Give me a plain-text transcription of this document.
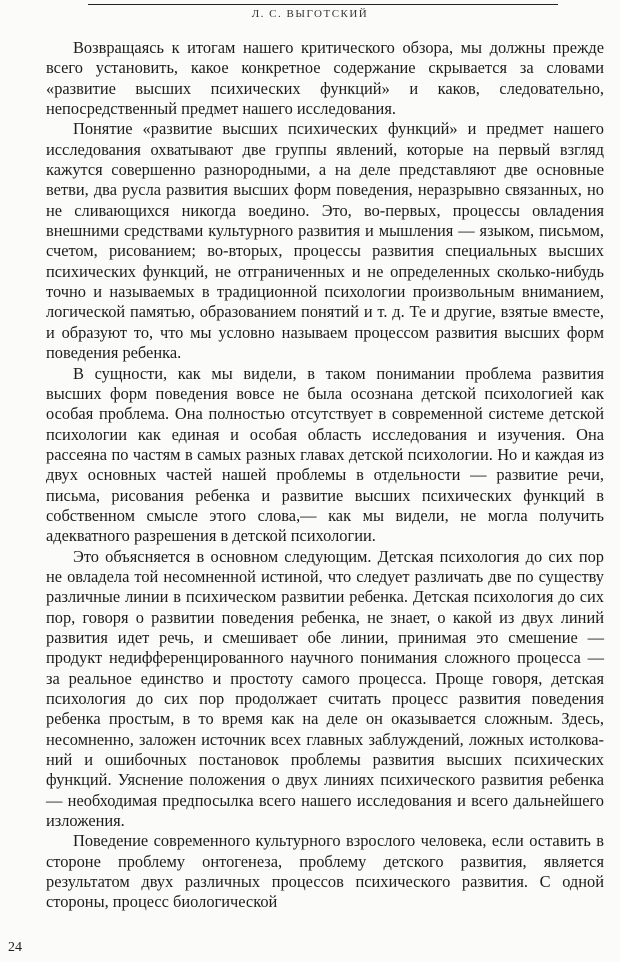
Л. С. ВЫГОТСКИЙ

Возвращаясь к итогам нашего критического обзора, мы должны прежде всего установить, какое конкретное содержание скрывается за словами «развитие высших психических функций» и каков, следовательно, непосредственный предмет нашего исследования.

Понятие «развитие высших психических функций» и предмет нашего исследования охватывают две группы явлений, которые на первый взгляд кажутся совершенно разнородными, а на деле представляют две основные ветви, два русла развития высших форм поведения, неразрывно связанных, но не сливающихся никогда воедино. Это, во-первых, процессы овладения внешними средствами культурного развития и мышления — языком, письмом, счетом, рисованием; во-вторых, процессы развития специальных высших психических функций, не отграниченных и не определенных сколько-нибудь точно и называемых в традиционной психологии произвольным вниманием, логической памятью, образованием понятий и т. д. Те и другие, взятые вместе, и образуют то, что мы условно называем процессом развития высших форм поведения ребенка.

В сущности, как мы видели, в таком понимании проблема развития высших форм поведения вовсе не была осознана детской психологией как особая проблема. Она полностью отсутствует в современной системе детской психологии как единая и особая область исследования и изучения. Она рассеяна по частям в самых разных главах детской психологии. Но и каждая из двух основных частей нашей проблемы в отдельности — развитие речи, письма, рисования ребенка и развитие высших психических функций в собственном смысле этого слова,— как мы видели, не могла получить адекватного разрешения в детской психологии.

Это объясняется в основном следующим. Детская психология до сих пор не овладела той несомненной истиной, что следует различать две по существу различные линии в психическом развитии ребенка. Детская психология до сих пор, говоря о развитии поведения ребенка, не знает, о какой из двух линий развития идет речь, и смешивает обе линии, принимая это смешение — продукт недифференцированного научного понимания сложного процесса — за реальное единство и простоту самого процесса. Проще говоря, детская психология до сих пор продолжает считать процесс развития поведения ребенка простым, в то время как на деле он оказывается сложным. Здесь, несомненно, заложен источник всех главных заблуждений, ложных истолкований и ошибочных постановок проблемы развития высших психических функций. Уяснение положения о двух линиях психического развития ребенка — необходимая предпосылка всего нашего исследования и всего дальнейшего изложения.

Поведение современного культурного взрослого человека, если оставить в стороне проблему онтогенеза, проблему детского развития, является результатом двух различных процессов психического развития. С одной стороны, процесс биологической

24
